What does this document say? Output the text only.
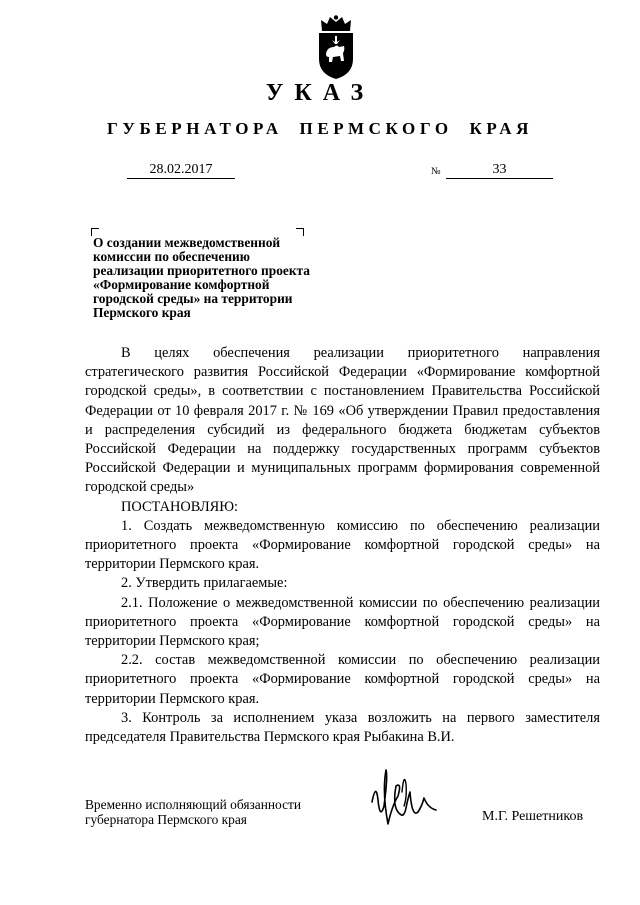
УКАЗ
ГУБЕРНАТОРА ПЕРМСКОГО КРАЯ
28.02.2017	№	33
О создании межведомственной комиссии по обеспечению реализации приоритетного проекта «Формирование комфортной городской среды» на территории Пермского края

В целях обеспечения реализации приоритетного направления стратегического развития Российской Федерации «Формирование комфортной городской среды», в соответствии с постановлением Правительства Российской Федерации от 10 февраля 2017 г. № 169 «Об утверждении Правил предоставления и распределения субсидий из федерального бюджета бюджетам субъектов Российской Федерации на поддержку государственных программ субъектов Российской Федерации и муниципальных программ формирования современной городской среды»

ПОСТАНОВЛЯЮ:

1. Создать межведомственную комиссию по обеспечению реализации приоритетного проекта «Формирование комфортной городской среды» на территории Пермского края.

2. Утвердить прилагаемые:

2.1. Положение о межведомственной комиссии по обеспечению реализации приоритетного проекта «Формирование комфортной городской среды» на территории Пермского края;

2.2. состав межведомственной комиссии по обеспечению реализации приоритетного проекта «Формирование комфортной городской среды» на территории Пермского края.

3. Контроль за исполнением указа возложить на первого заместителя председателя Правительства Пермского края Рыбакина В.И.

Временно исполняющий обязанности
губернатора Пермского края	М.Г. Решетников
